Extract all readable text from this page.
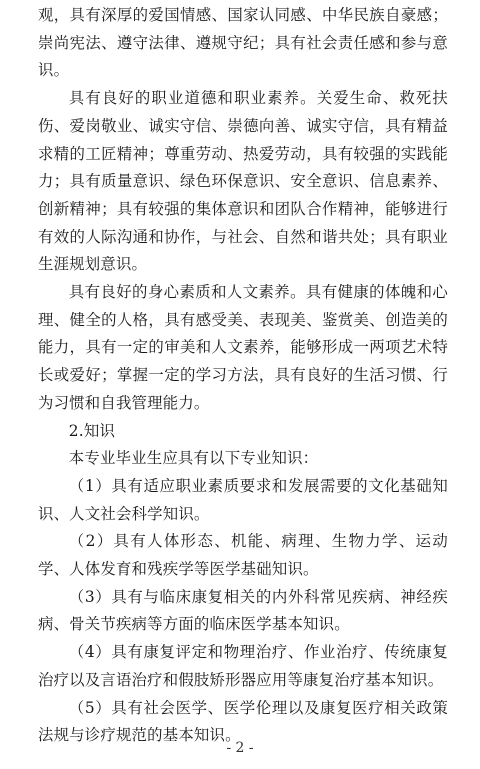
观，具有深厚的爱国情感、国家认同感、中华民族自豪感；崇尚宪法、遵守法律、遵规守纪；具有社会责任感和参与意识。

具有良好的职业道德和职业素养。关爱生命、救死扶伤、爱岗敬业、诚实守信、崇德向善、诚实守信，具有精益求精的工匠精神；尊重劳动、热爱劳动，具有较强的实践能力；具有质量意识、绿色环保意识、安全意识、信息素养、创新精神；具有较强的集体意识和团队合作精神，能够进行有效的人际沟通和协作，与社会、自然和谐共处；具有职业生涯规划意识。

具有良好的身心素质和人文素养。具有健康的体魄和心理、健全的人格，具有感受美、表现美、鉴赏美、创造美的能力，具有一定的审美和人文素养，能够形成一两项艺术特长或爱好；掌握一定的学习方法，具有良好的生活习惯、行为习惯和自我管理能力。

2.知识

本专业毕业生应具有以下专业知识：

（1）具有适应职业素质要求和发展需要的文化基础知识、人文社会科学知识。

（2）具有人体形态、机能、病理、生物力学、运动学、人体发育和残疾学等医学基础知识。

（3）具有与临床康复相关的内外科常见疾病、神经疾病、骨关节疾病等方面的临床医学基本知识。

（4）具有康复评定和物理治疗、作业治疗、传统康复治疗以及言语治疗和假肢矫形器应用等康复治疗基本知识。

（5）具有社会医学、医学伦理以及康复医疗相关政策法规与诊疗规范的基本知识。

- 2 -
